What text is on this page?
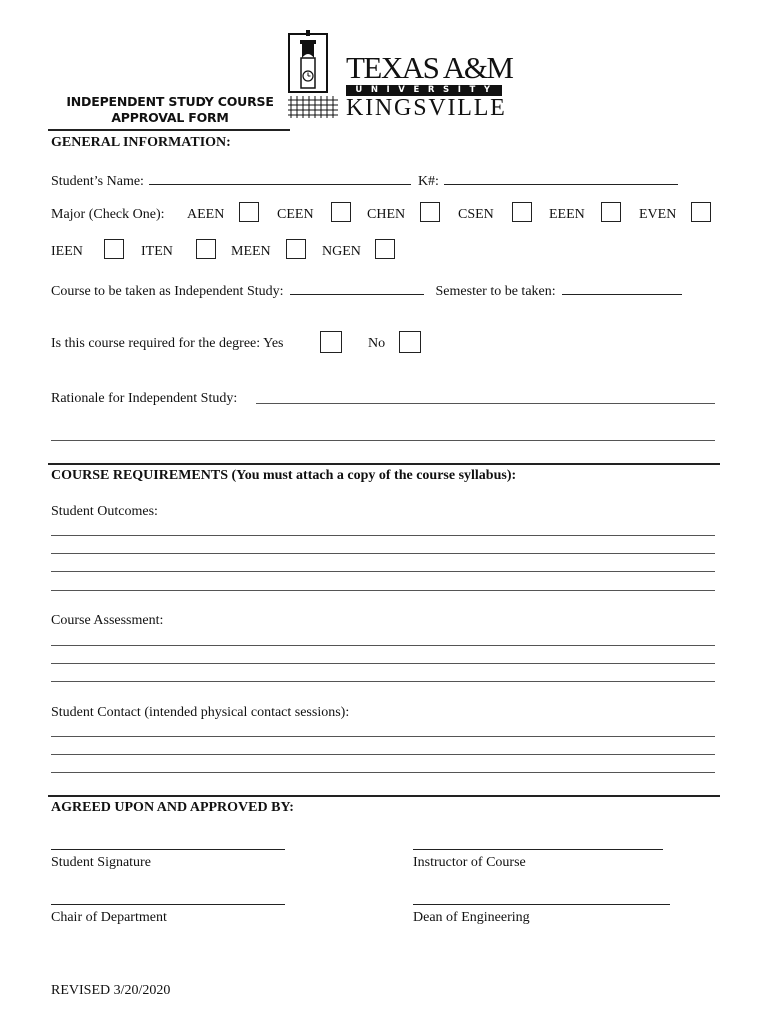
TEXAS A&M
UNIVERSITY
KINGSVILLE
INDEPENDENT STUDY COURSE
APPROVAL FORM
GENERAL INFORMATION:
Student’s Name:	K#:
Major (Check One): AEEN	CEEN	CHEN	CSEN	EEEN	EVEN
IEEN	ITEN	MEEN	NGEN
Course to be taken as Independent Study:	Semester to be taken:
Is this course required for the degree: Yes	No
Rationale for Independent Study:
COURSE REQUIREMENTS (You must attach a copy of the course syllabus):
Student Outcomes:
Course Assessment:
Student Contact (intended physical contact sessions):
AGREED UPON AND APPROVED BY:
Student Signature	Instructor of Course
Chair of Department	Dean of Engineering
REVISED 3/20/2020
